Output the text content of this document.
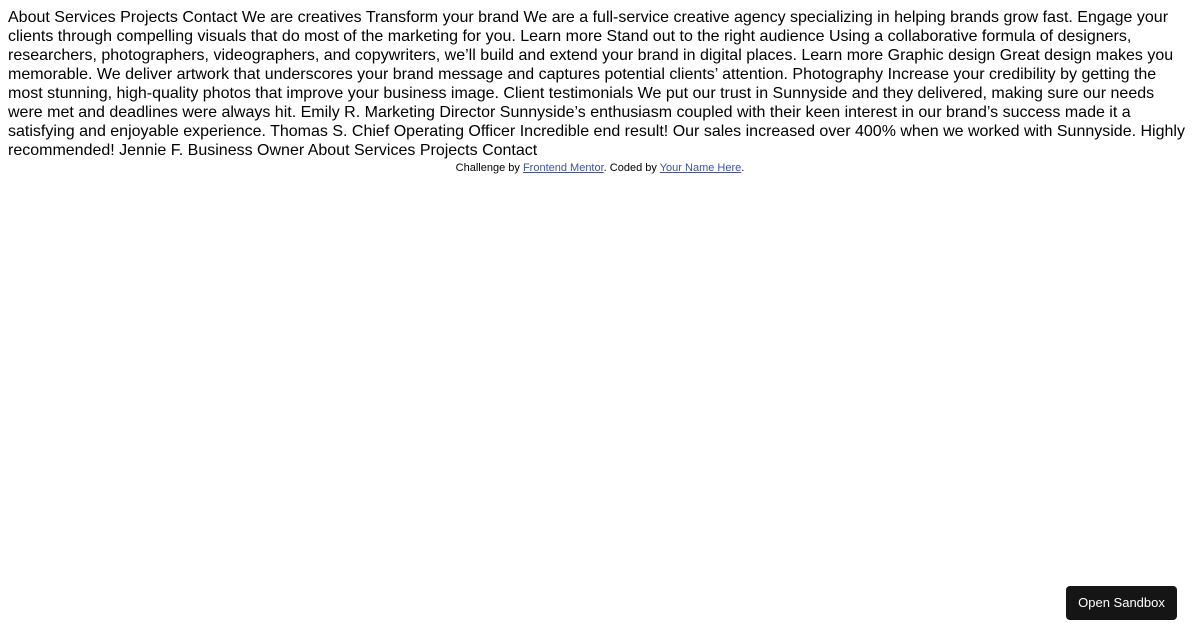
About Services Projects Contact We are creatives Transform your brand We are a full-service creative agency specializing in helping brands grow fast. Engage your clients through compelling visuals that do most of the marketing for you. Learn more Stand out to the right audience Using a collaborative formula of designers, researchers, photographers, videographers, and copywriters, we’ll build and extend your brand in digital places. Learn more Graphic design Great design makes you memorable. We deliver artwork that underscores your brand message and captures potential clients’ attention. Photography Increase your credibility by getting the most stunning, high-quality photos that improve your business image. Client testimonials We put our trust in Sunnyside and they delivered, making sure our needs were met and deadlines were always hit. Emily R. Marketing Director Sunnyside’s enthusiasm coupled with their keen interest in our brand’s success made it a satisfying and enjoyable experience. Thomas S. Chief Operating Officer Incredible end result! Our sales increased over 400% when we worked with Sunnyside. Highly recommended! Jennie F. Business Owner About Services Projects Contact
Challenge by Frontend Mentor. Coded by Your Name Here.
Open Sandbox
